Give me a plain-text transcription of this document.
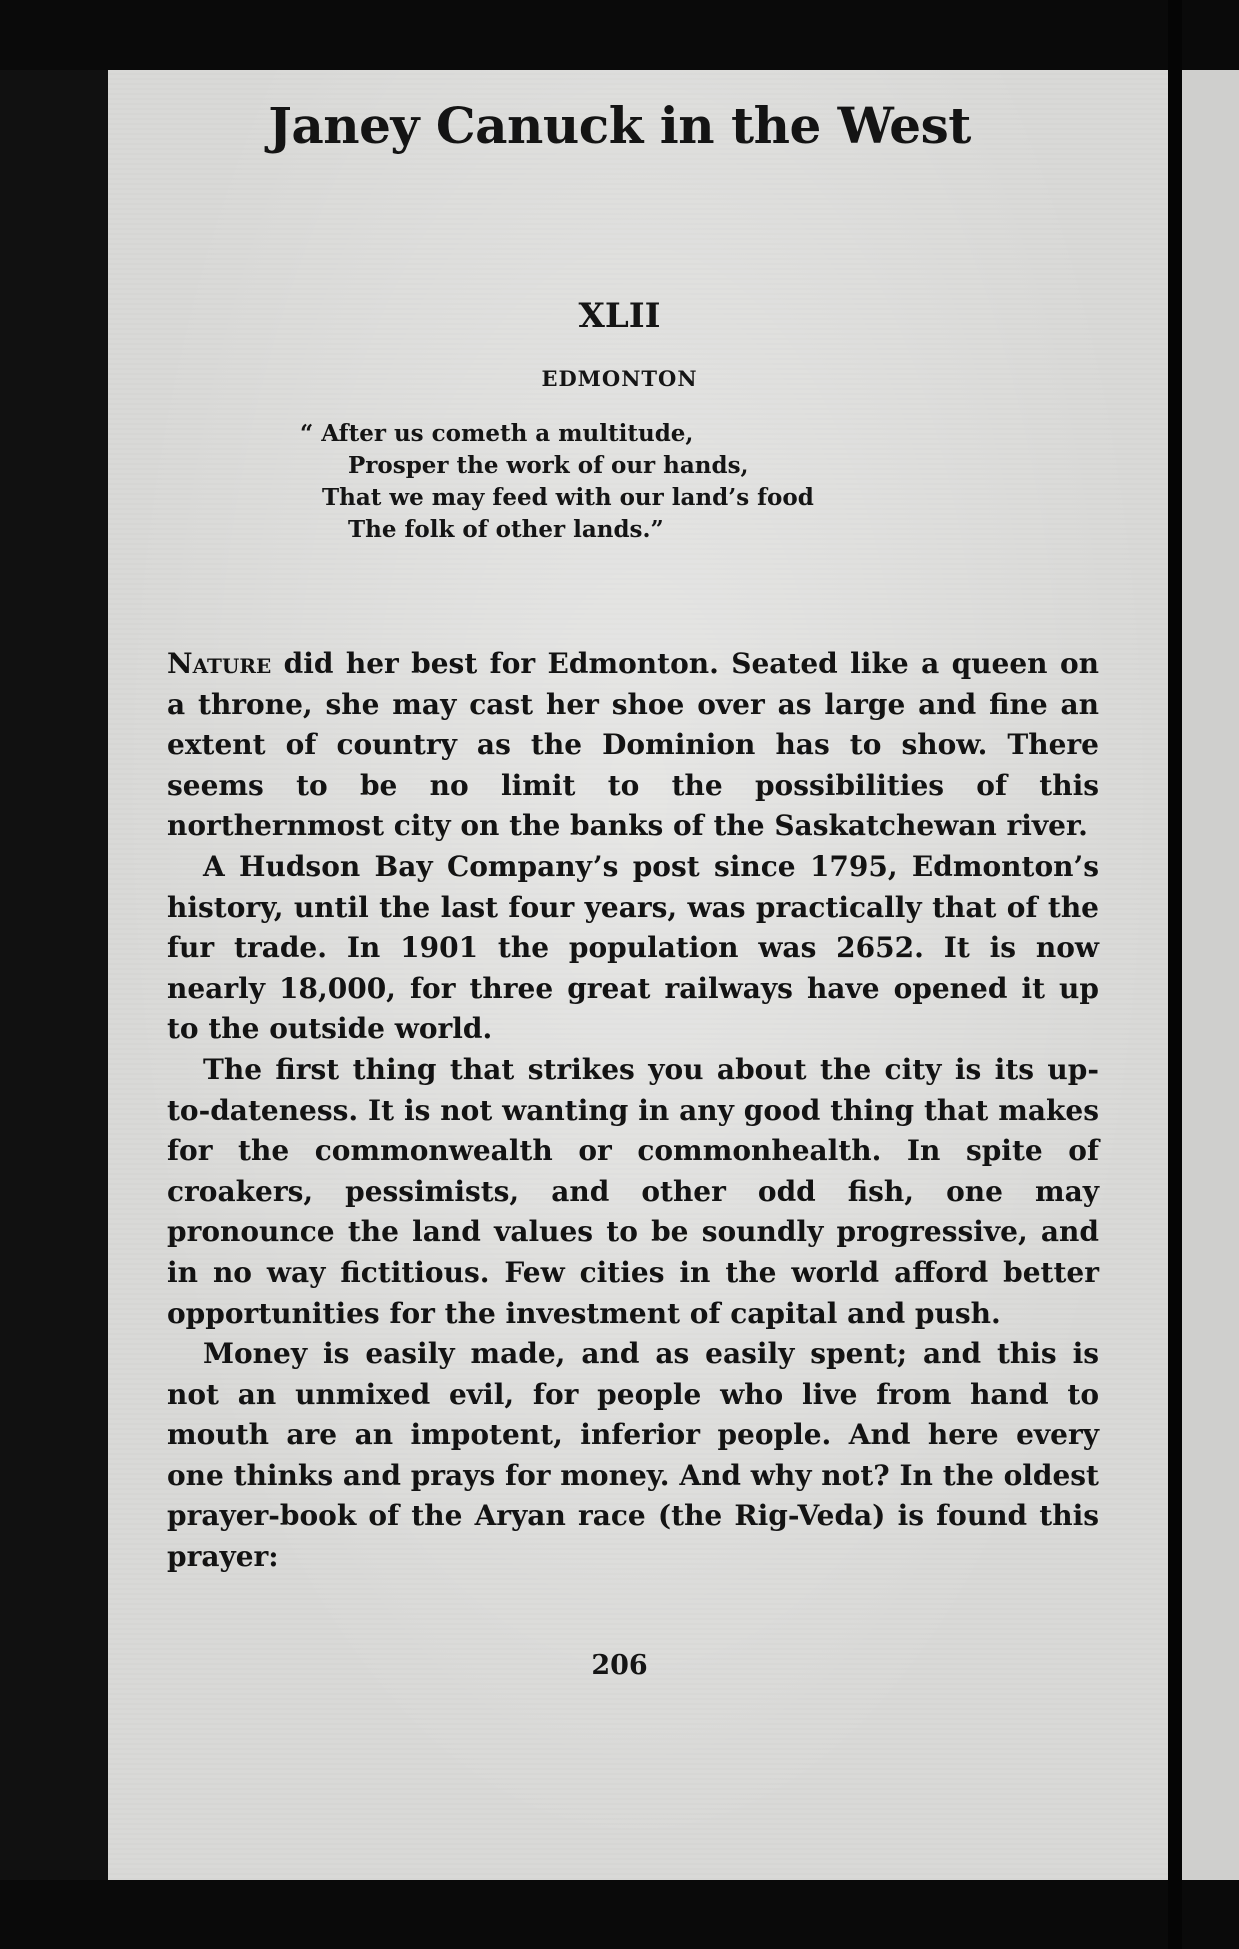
Janey Canuck in the West
XLII
EDMONTON
“ After us cometh a multitude,
Prosper the work of our hands,
That we may feed with our land’s food
The folk of other lands.”

Nature did her best for Edmonton. Seated like a queen on a throne, she may cast her shoe over as large and fine an extent of country as the Dominion has to show. There seems to be no limit to the possibilities of this northernmost city on the banks of the Saskatchewan river.

A Hudson Bay Company’s post since 1795, Edmonton’s history, until the last four years, was practically that of the fur trade. In 1901 the population was 2652. It is now nearly 18,000, for three great railways have opened it up to the outside world.

The first thing that strikes you about the city is its up-to-dateness. It is not wanting in any good thing that makes for the commonwealth or commonhealth. In spite of croakers, pessimists, and other odd fish, one may pronounce the land values to be soundly progressive, and in no way fictitious. Few cities in the world afford better opportunities for the investment of capital and push.

Money is easily made, and as easily spent; and this is not an unmixed evil, for people who live from hand to mouth are an impotent, inferior people. And here every one thinks and prays for money. And why not? In the oldest prayer-book of the Aryan race (the Rig-Veda) is found this prayer:

206
